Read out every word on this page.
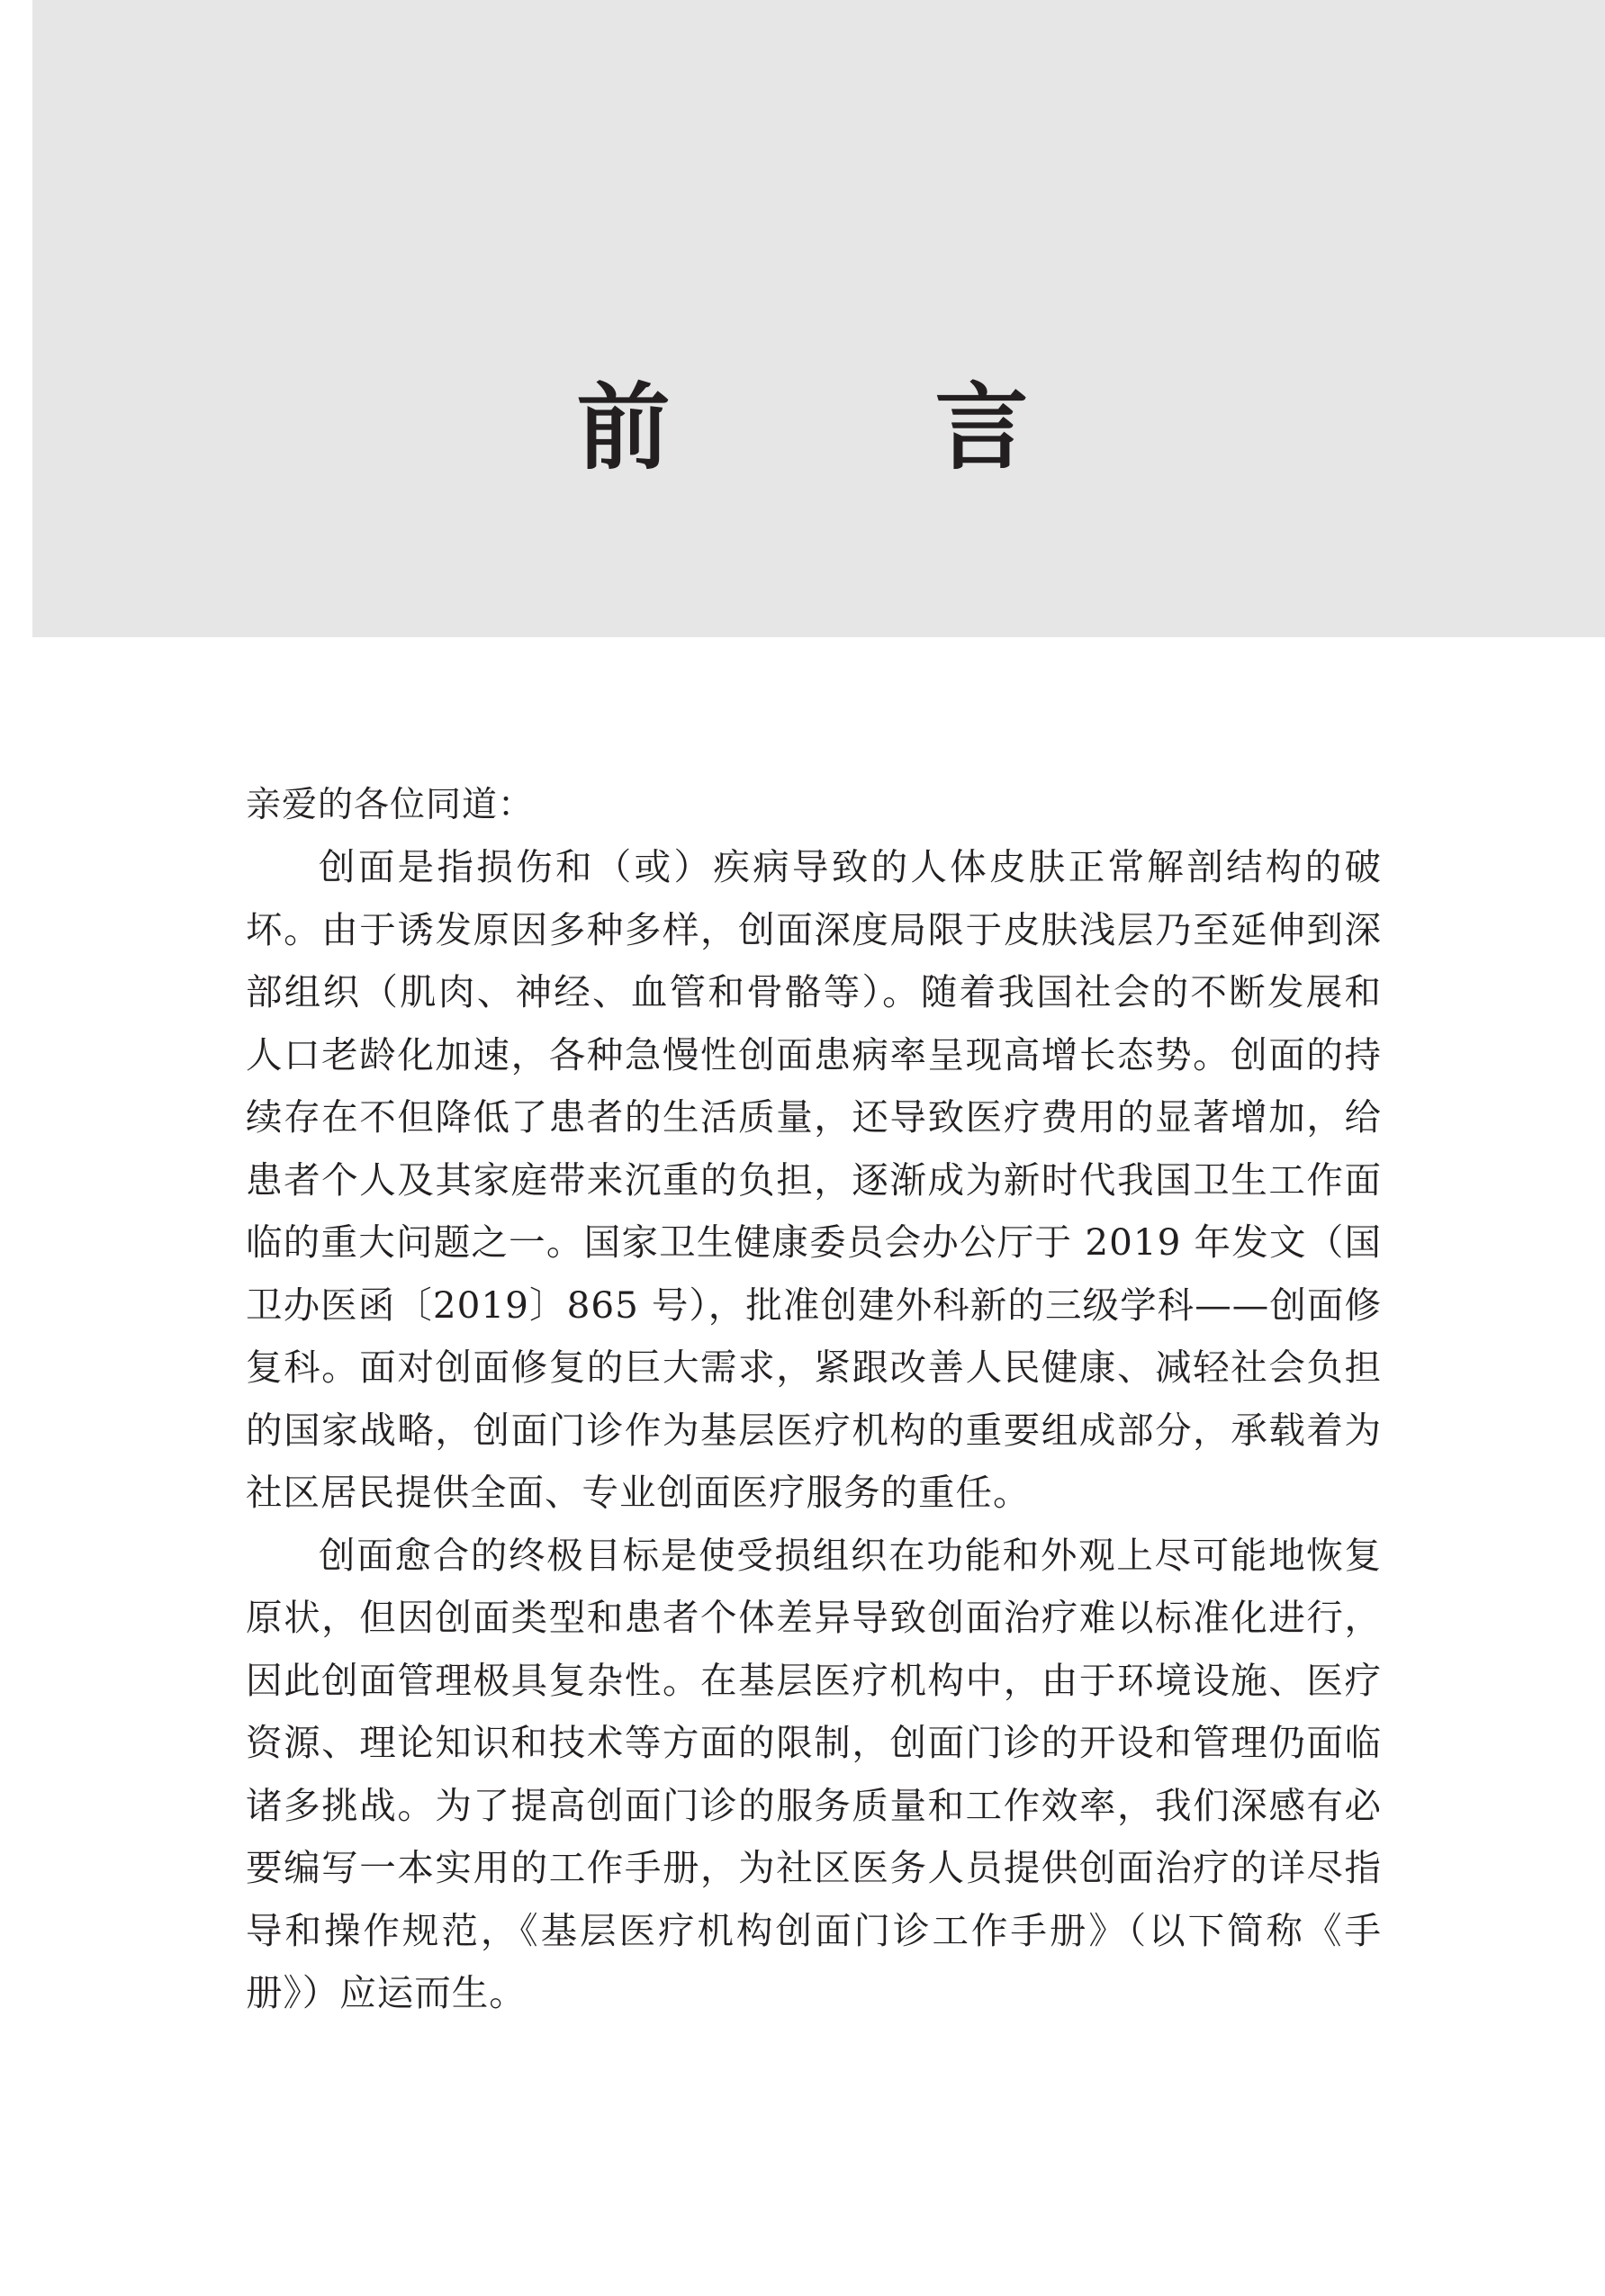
前　言

亲爱的各位同道：

创面是指损伤和（或）疾病导致的人体皮肤正常解剖结构的破坏。由于诱发原因多种多样，创面深度局限于皮肤浅层乃至延伸到深部组织（肌肉、神经、血管和骨骼等）。随着我国社会的不断发展和人口老龄化加速，各种急慢性创面患病率呈现高增长态势。创面的持续存在不但降低了患者的生活质量，还导致医疗费用的显著增加，给患者个人及其家庭带来沉重的负担，逐渐成为新时代我国卫生工作面临的重大问题之一。国家卫生健康委员会办公厅于 2019 年发文（国卫办医函〔2019〕865 号），批准创建外科新的三级学科——创面修复科。面对创面修复的巨大需求，紧跟改善人民健康、减轻社会负担的国家战略，创面门诊作为基层医疗机构的重要组成部分，承载着为社区居民提供全面、专业创面医疗服务的重任。

创面愈合的终极目标是使受损组织在功能和外观上尽可能地恢复原状，但因创面类型和患者个体差异导致创面治疗难以标准化进行，因此创面管理极具复杂性。在基层医疗机构中，由于环境设施、医疗资源、理论知识和技术等方面的限制，创面门诊的开设和管理仍面临诸多挑战。为了提高创面门诊的服务质量和工作效率，我们深感有必要编写一本实用的工作手册，为社区医务人员提供创面治疗的详尽指导和操作规范，《基层医疗机构创面门诊工作手册》（以下简称《手册》）应运而生。
